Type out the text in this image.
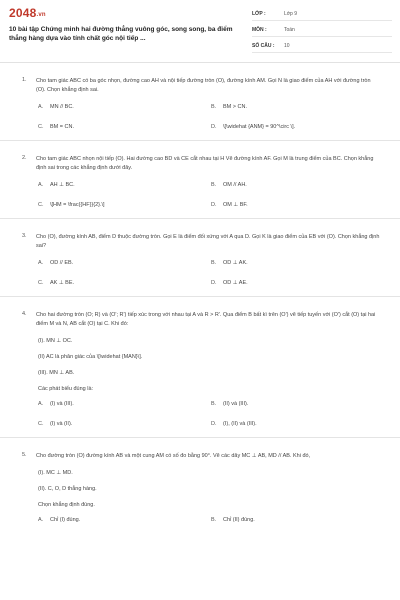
2048.vn
10 bài tập Chứng minh hai đường thẳng vuông góc, song song, ba điểm thẳng hàng dựa vào tính chất góc nội tiếp ...
LỚP :	Lớp 9
MÔN :	Toán
SỐ CÂU :	10
1.	Cho tam giác ABC có ba góc nhọn, đường cao AH và nội tiếp đường tròn (O), đường kính AM. Gọi N là giao điểm của AH với đường tròn (O). Chọn khẳng định sai.
A.	MN // BC.	B.	BM > CN.
C.	BM = CN.	D.	\[\widehat {ANM} = 90^\circ \].
2.	Cho tam giác ABC nhọn nội tiếp (O). Hai đường cao BD và CE cắt nhau tại H Vẽ đường kính AF. Gọi M là trung điểm của BC. Chọn khẳng định sai trong các khẳng định dưới đây.
A.	AH ⊥ BC.	B.	OM // AH.
C.	\[HM = \frac{{HF}}{2}.\]	D.	OM ⊥ BF.
3.	Cho (O), đường kính AB, điểm D thuộc đường tròn. Gọi E là điểm đối xứng với A qua D. Gọi K là giao điểm của EB với (O). Chọn khẳng định sai?
A.	OD // EB.	B.	OD ⊥ AK.
C.	AK ⊥ BE.	D.	OD ⊥ AE.
4.	Cho hai đường tròn (O; R) và (O'; R') tiếp xúc trong với nhau tại A và R > R'. Qua điểm B bất kì trên (O') vẽ tiếp tuyến với (O') cắt (O) tại hai điểm M và N, AB cắt (O) tại C. Khi đó:
(I). MN ⊥ OC.
(II) AC là phân giác của \[\widehat {MAN}\].
(III). MN ⊥ AB.
Các phát biểu đúng là:
A.	(I) và (III).	B.	(II) và (III).
C.	(I) và (II).	D.	(I), (II) và (III).
5.	Cho đường tròn (O) đường kính AB và một cung AM có số đo bằng 90°. Vẽ các dây MC ⊥ AB, MD // AB. Khi đó,
(I). MC ⊥ MD.
(II). C, O, D thẳng hàng.
Chọn khẳng định đúng.
A.	Chỉ (I) đúng.	B.	Chỉ (II) đúng.
